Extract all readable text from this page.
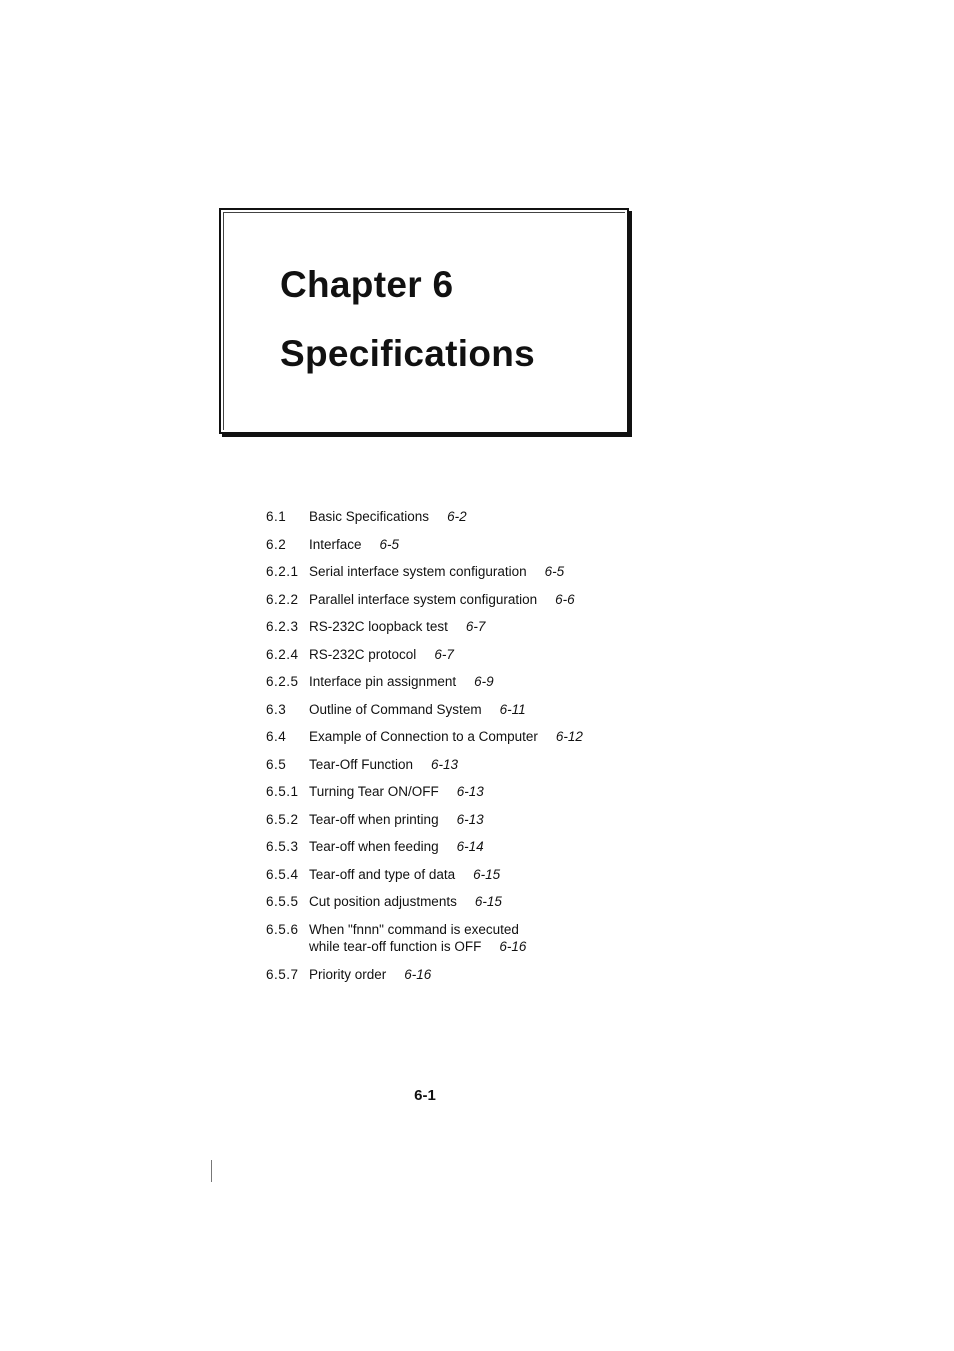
Chapter 6
Specifications
6.1	Basic Specifications 6-2
6.2	Interface 6-5
6.2.1 Serial interface system configuration 6-5
6.2.2 Parallel interface system configuration 6-6
6.2.3 RS-232C loopback test 6-7
6.2.4 RS-232C protocol 6-7
6.2.5 Interface pin assignment 6-9
6.3	Outline of Command System 6-11
6.4	Example of Connection to a Computer 6-12
6.5	Tear-Off Function 6-13
6.5.1 Turning Tear ON/OFF 6-13
6.5.2 Tear-off when printing 6-13
6.5.3 Tear-off when feeding 6-14
6.5.4 Tear-off and type of data 6-15
6.5.5 Cut position adjustments 6-15
6.5.6 When "fnnn" command is executed
while tear-off function is OFF 6-16
6.5.7 Priority order 6-16
6-1
